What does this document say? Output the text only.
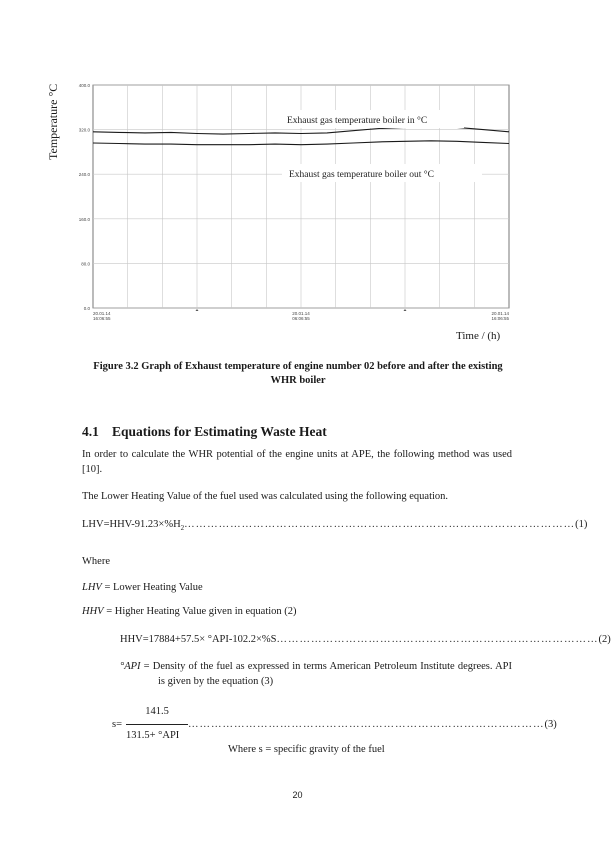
0.0
80.0
160.0
240.0
320.0
400.0
20.01.14
16:06:55
20.01.14
06:06:55
20.01.14
16:06:55
Exhaust gas temperature boiler in °C
Exhaust gas temperature boiler out °C
Temperature °C
Time / (h)
Figure 3.2 Graph of Exhaust temperature of engine number 02 before and after the existing WHR boiler
4.1 Equations for Estimating Waste Heat
In order to calculate the WHR potential of the engine units at APE, the following method was used [10].
The Lower Heating Value of the fuel used was calculated using the following equation.
$LHV=HHV-91.23\times\%H_2$ ………………………………………………………………………………………… (1)
Where
LHV = Lower Heating Value
HHV = Higher Heating Value given in equation (2)
HHV=17884+57.5× °API-102.2×%S ………………………………………………………………………… (2)
°API = Density of the fuel as expressed in terms American Petroleum Institute degrees. API is given by the equation (3)
s=
141.5
131.5+ °API
………………………………………………………………………………… (3)
Where s = specific gravity of the fuel
20
